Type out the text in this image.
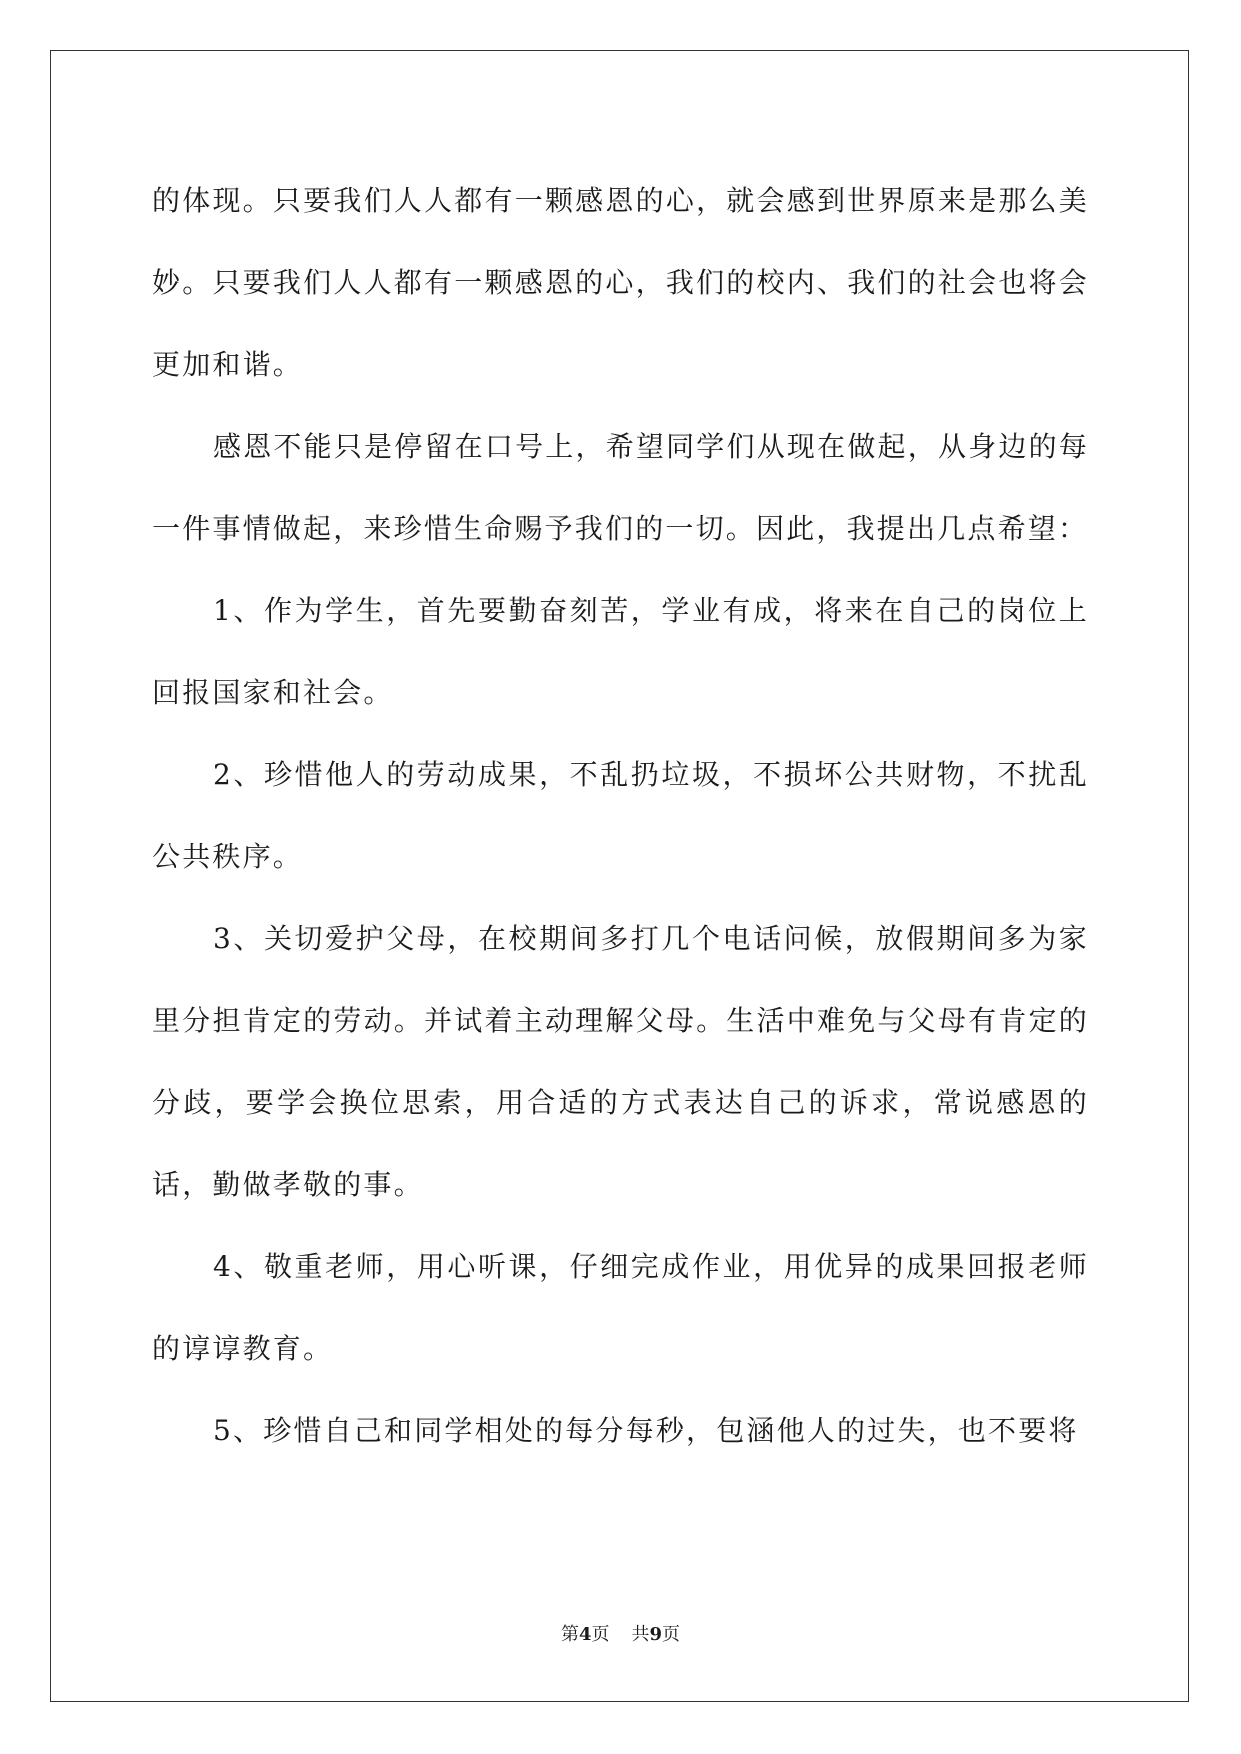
的体现。只要我们人人都有一颗感恩的心，就会感到世界原来是那么美妙。只要我们人人都有一颗感恩的心，我们的校内、我们的社会也将会更加和谐。

感恩不能只是停留在口号上，希望同学们从现在做起，从身边的每一件事情做起，来珍惜生命赐予我们的一切。因此，我提出几点希望：

1、作为学生，首先要勤奋刻苦，学业有成，将来在自己的岗位上回报国家和社会。

2、珍惜他人的劳动成果，不乱扔垃圾，不损坏公共财物，不扰乱公共秩序。

3、关切爱护父母，在校期间多打几个电话问候，放假期间多为家里分担肯定的劳动。并试着主动理解父母。生活中难免与父母有肯定的分歧，要学会换位思索，用合适的方式表达自己的诉求，常说感恩的话，勤做孝敬的事。

4、敬重老师，用心听课，仔细完成作业，用优异的成果回报老师的谆谆教育。

5、珍惜自己和同学相处的每分每秒，包涵他人的过失，也不要将

第4页 共9页
